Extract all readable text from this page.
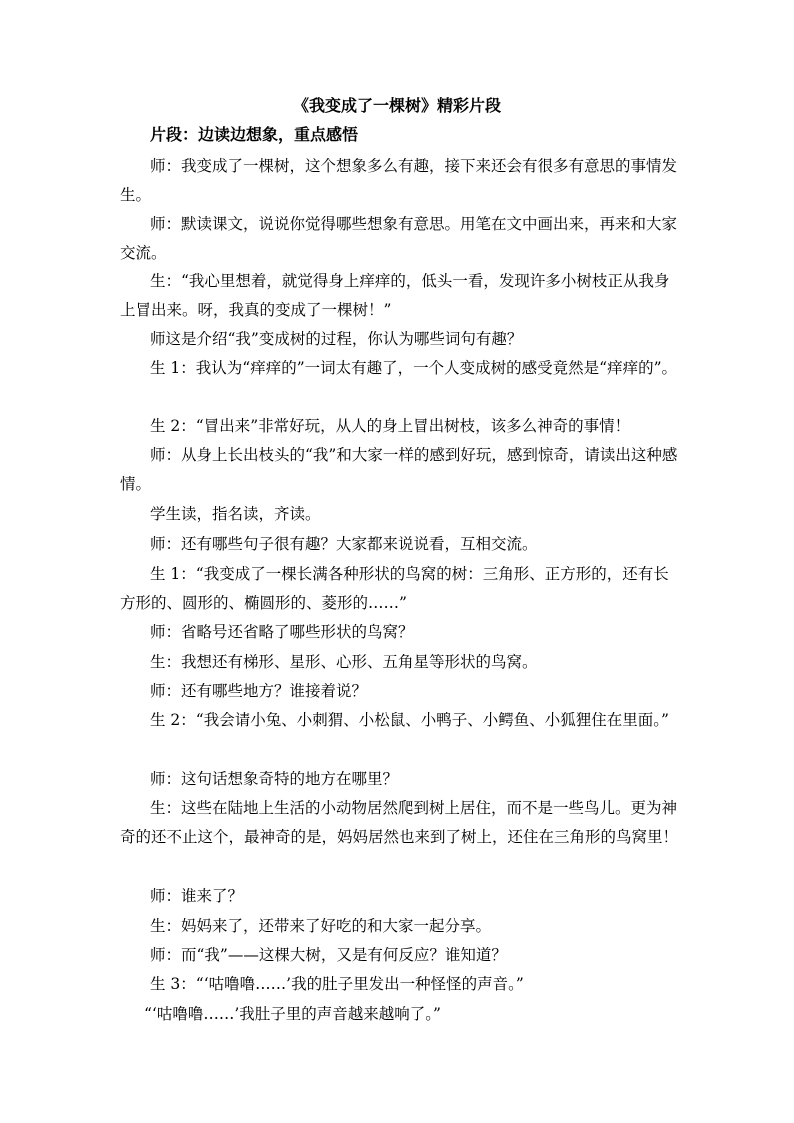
《我变成了一棵树》精彩片段
片段：边读边想象，重点感悟

师：我变成了一棵树，这个想象多么有趣，接下来还会有很多有意思的事情发生。

师：默读课文，说说你觉得哪些想象有意思。用笔在文中画出来，再来和大家交流。

生：“我心里想着，就觉得身上痒痒的，低头一看，发现许多小树枝正从我身上冒出来。呀，我真的变成了一棵树！”

师这是介绍“我”变成树的过程，你认为哪些词句有趣？

生 1：我认为“痒痒的”一词太有趣了，一个人变成树的感受竟然是“痒痒的”。

生 2：“冒出来”非常好玩，从人的身上冒出树枝，该多么神奇的事情！

师：从身上长出枝头的“我”和大家一样的感到好玩，感到惊奇，请读出这种感情。

学生读，指名读，齐读。

师：还有哪些句子很有趣？大家都来说说看，互相交流。

生 1：“我变成了一棵长满各种形状的鸟窝的树：三角形、正方形的，还有长方形的、圆形的、椭圆形的、菱形的……”

师：省略号还省略了哪些形状的鸟窝？

生：我想还有梯形、星形、心形、五角星等形状的鸟窝。

师：还有哪些地方？谁接着说？

生 2：“我会请小兔、小刺猬、小松鼠、小鸭子、小鳄鱼、小狐狸住在里面。”

师：这句话想象奇特的地方在哪里？

生：这些在陆地上生活的小动物居然爬到树上居住，而不是一些鸟儿。更为神奇的还不止这个，最神奇的是，妈妈居然也来到了树上，还住在三角形的鸟窝里！

师：谁来了？

生：妈妈来了，还带来了好吃的和大家一起分享。

师：而“我”——这棵大树，又是有何反应？谁知道？

生 3：“‘咕噜噜……’我的肚子里发出一种怪怪的声音。”

“‘咕噜噜……’我肚子里的声音越来越响了。”
